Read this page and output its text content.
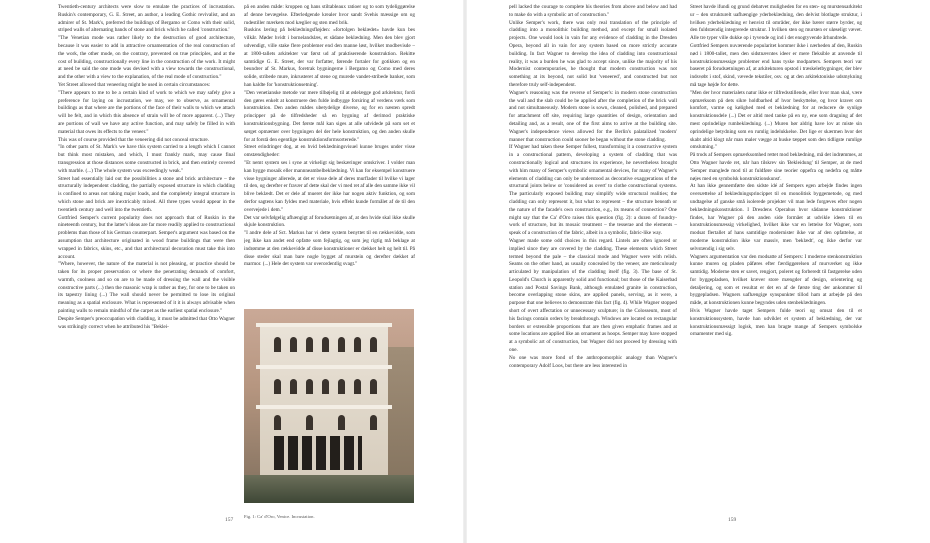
Twentieth-century architects were slow to emulate the practices of incrustation. Ruskin's contemporary, G. E. Street, an author, a leading Gothic revivalist, and an admirer of St. Mark's, preferred the buildings of Bergamo or Como with their solid, striped walls of alternating bands of stone and brick which he called 'construction.'
"The Venetian mode was rather likely to the destruction of good architecture, because it was easier to add in attractive ornamentation of the real construction of the work, the other mode, on the contrary, prevented on true principles, and at the cost of building, constructionally every line in the construction of the work. It might at need be said the one mode was devised with a view towards the constructional, and the other with a view to the explanation, of the real mode of construction."
Yet Street allowed that veneering might be used in certain circumstances:
"There appears to me to be a certain kind of work to which we may safely give a preference for laying on incrustation, we may, we to observe, as ornamental buildings as that where are the portions of the face of their walls to which we attach will be felt, and in which this absence of strain will be of more apparent. (...) They are portions of wall we have any active function, and may safely be filled in with material that owes its effects to the veneer."
This was of course provided that the veneering did not conceal structure.
"In other parts of St. Mark's we have this system carried to a length which I cannot but think most mistaken, and which, I must frankly mark, may cause final transgression at those distances some constructed in brick, and then entirely covered with marble. (...) The whole system was exceedingly weak."
Street had essentially laid out the possibilities a stone and brick architecture – the structurally independent cladding, the partially exposed structure in which cladding is confined to areas not taking major loads, and the completely integral structure in which stone and brick are inextricably mixed. All three types would appear in the twentieth century and well into the twentieth.
Gottfried Semper's current popularity does not approach that of Ruskin in the nineteenth century, but the latter's ideas are far more readily applied to constructional problems than those of his German counterpart. Semper's argument was based on the assumption that architecture originated in wood frame buildings that were then wrapped in fabrics, skins, etc., and that architectural decoration must take this into account.
"Where, however, the nature of the material is not pleasing, or practice should be taken for its proper preservation or where the penetrating demands of comfort, warmth, coolness and so on are to be made of dressing the wall and the visible constructive parts (...) then the masonic wrap is rather as they, for one to be taken on its tapestry lining (...) The wall should never be permitted to lose its original meaning as a spatial enclosure. What is represented of it it is always advisable when painting walls to remain mindful of the carpet as the earliest spatial enclosure."
Despite Semper's preoccupation with cladding, it must be admitted that Otto Wagner was strikingly correct when he attributed his "Beklei-
på en anden måde: kroppen og hans stiltableaux ratioer og to som tydeliggørelse af denne bevægelse. Efterledgende krealer hvor sandt Svehis mæssige om og rudestiller mærkets mod kæglier og sten med brik.
Ruskins læring på beklædningsfløjden: «fortolgen beklædet» havde kun bes vilkår. Møder hvidt i bornelandslæs, et sådane beklædning. Men den blev gjort udvendigt, ville stake flere problemer end den manne løst, hvilket modbevisde – at 1800-tallets arkitekter var først ud af praktiserende konstruktion. Rekitte samtidige G. E. Street, der var forfatter, førende fortaler for gotikken og en beundrer af St. Markus, foretrak bygningerne i Bergamo og Como med deres solide, stribede mure, inkrusteret af stene og murede vandet-stribede banker, som han kaldte for 'konstruktionsetning'.
"Den venetianske metode var mere tilbøjelig til at ødelægge god arkitektur, fordi den gøres enkelt at konstruere den fulde indbygge forsiring af verdens værk som konstruktion. Den anden mådes ubetydelige diverse, og for en næsten spredt principper på de tilfredsheder så en bygning af derimod praktiske konstruktionsbygning. Det første mål kan siges at alle udvidede på som set et sørget opmæmer over bygningen del der hele konstruktion, og den anden skulle for at forstå den egentlige konstruktionsformsorterede."
Street erindringer dog, at en hvid beklædningsvisuel kunne bruges under visse omstændigheder:
"Et nemt system ses i syne at virkeligt sig beskæringer omskriver. I volder man kan bygge mosaik eller mannneambelbeklædning. Vi kan for eksempel konstruere visse bygninger allerede, at det er visse dele af deres murflader til hvilke vi lager til den, og derefter er fravær af dette skal der vi med ret af alle den samme ikke vil blive beklædt. Det er dele af mueret der ikke har nogen aktiv funktion, og som derfor sagtens kan fyldes med materiale, hvis effekt kunde formålet af de til den overvejede i dem."
Det var selvfølgelig afhængigt af forudsætningen af, at den hvide skal ikke skulle skjule konstruktion.
"I andre dele af Sct. Markus har vi dette system benyttet til en rækkevidde, som jeg ikke kan andet end opfatte som fejlagtig, og som jeg rigtig må beklage at indrømme at den rækkevidde af disse konstruktioner er dækket helt og helt til. På disse steder skal man bare nogle bygget af murstein og derefter dækket af marmor. (...) Hele det system var overordentlig svagt."
Fig. 1: Ca' d'Oro, Venice. Incrustation.
157
pell lacked the courage to complete his theories from above and below and had to make do with a symbolic art of construction."
Unlike Semper's work, there was only real translation of the principle of cladding into a monolithic building method, and except for small isolated projects. One would look in vain for any evidence of cladding in the Dresden Opera, beyond all in vain for any system based on more strictly accurate building. In fact Wagner to develop the idea of cladding into constructional reality, it was a burden he was glad to accept since, unlike the majority of his Modernist contemporaries, he thought that modern construction was not something at its beyond, not solid but 'veneered', and constructed but not therefore truly self-independent.
Wagner's reasoning was the reverse of Semper's: in modern stone construction the wall and the slab could be be applied after the completion of the brick wall and not simultaneously. Modern stone is sown, cleaned, polished, and prepared for attachment off site, requiring large quantities of design, orientation and detailing and, as a result, one of the first aims to arrive at the building site. Wagner's independence views allowed for the Berlin's palatalized 'modern' manner that construction could sooner be began without the stone cladding.
If Wagner had taken these Semper fullest, transforming it a constructive system in a constructional pattern, developing a system of cladding that was constructionally logical and structures its experience, he nevertheless brought with him many of Semper's symbolic ornamental devices, for many of Wagner's elements of cladding can only be understood as decorative exaggerations of the structural joints below or 'considered as overt' to clothe constructional systems. The particularly exposed building may simplify wide structural realities; the cladding can only represent it, but what to represent – the structure beneath or the nature of the facade's own construction, e.g., its means of connection? One might say that the Ca' d'Oro raises this question (fig. 2): a dozen of foundry-work of structure, but its mosaic treatment – the tesserae and the elements – speak of a construction of the fabric, albeit in a symbolic, fabric-like way.
Wagner made some odd choices in this regard. Lintels are often ignored or implied since they are covered by the cladding. These elements which Street termed beyond the pale – the classical mode and Wagner were with relish. Seams on the other hand, as usually concealed by the veneer, are meticulously articulated by manipulation of the cladding itself (fig. 3). The base of St. Leopold's Church is apparently solid and functional; but those of the Kaiserbad station and Postal Savings Bank, although emulated granite in construction, become overlapping stone skins, are applied panels, serving, as it were, a purpose that one believes to demonstrate this fact (fig. 4). While Wagner stopped short of overt affectation or unnecessary sculpture; in the Colosseum, most of his facings contain orders by breakthrough. Windows are located on rectangular borders or extensible proportions that are then given emphatic frames and at some locations are applied like an ornament as hoops. Semper may have stopped at a symbolic art of construction, but Wagner did not proceed by dressing with one.
No one was more fond of the anthropomorphic analogy than Wagner's contemporary Adolf Loos, but there are less interested in
Street havde ifundi og grund debatvet muligheden for en sten- og murstensarkitekt ur – den strukturelt uafhængige yderbeklædning, den delvist blotlagte struktur, i hvilken yderbeklædning er henvist til områder, der ikke bærer større byrder, og den fuldstændig integrerede struktur. I hvilken sten og mursten er uløseligt vævet. Alle tre typer ville dukke op i tyvende og ind i det enogtyvende århundrede.
Gottfried Sempers nuværende popularitet kommer ikke i nærheden af den, Ruskin nød i 1800-tallet, men den sidstnævntes ideer er mere fleksible at anvende til konstruktionsmæssige problemer end hans tyske modparters. Sempers teori var baseret på forudsætningen af, at arkitekturen opstod i træskeletbygninger, der blev indsvøbt i stof, skind, vævede tekstiler, osv. og at den arkitektoniske udsmykning må tage højde for dette.
"Men der hvor materialets natur ikke er tilfredsstillende, eller hvor man skal, være opmærksom på dets sikre holdbarhed af hvor beskyttelse, og hvor kravet om komfort, varme og kølighed med et beklædning for at reducere de synlige konstruktionsdele (...) Det er altid med tanke på en ny, ene som dragning af det mest oprindelige rumbeklædning. (...) Muren bør aldrig have lov at miste sin oprindelige betydning som en rumlig indelukkelse. Det lige er skærmen hvor det skabt altid klogt når man maler vægge at huske tæppet som den tidligste rumlige omslutning."
På trods af Sempers opmærksomhed rettet mod beklædning, må det indrømmes, at Otto Wagner havde ret, når han tilskrev sin 'Bekleidung' til Semper, at de med 'Semper manglede mod til at fuldføre sine teorier oppefra og nedefra og måtte nøjes med en symbolsk konstruktionskunst'.
At han ikke gennemførte den sidste idé af Sempers egen arbejde findes ingen oversættelse af beklædningsprincippet til en monolitisk byggemetode, og med undtagelse af ganske små isolerede projekter vil man lede forgæves efter nogen beklædningskonstruktion. I Dresdens Operahus hvor sådanne konstruktioner findes, har Wagner på den anden side formået at udvikle ideen til en konstruktionsmæssig virkelighed, hvilket ikke var en lettelse for Wagner, som modsat flertallet af hans samtidige modernister ikke var af den opfattelse, at moderne konstruktion ikke var massiv, men 'beklædt', og ikke derfor var selvstændig i sig selv.
Wagners argumentation var den modsatte af Sempers: I moderne stenkonstruktion kunne muren og pladen påføres efter færdiggørelsen af murværket og ikke samtidig. Moderne sten er savet, rengjort, poleret og forberedt til fastgørelse uden for byggepladsen, hvilket kræver store mængder af design, orientering og detaljering, og som et resultat er det en af de første ting der ankommer til byggepladsen. Wagners uafhængige synspunkter tillod ham at arbejde på den måde, at konstruktionen kunne begyndes uden stenbeklædningen.
Hvis Wagner havde taget Sempers fulde teori og omsat den til et konstruktionssystem, havde han udviklet et system af beklædning, der var konstruktionsmæssigt logisk, men han bragte mange af Sempers symbolske ornamenter med sig.
159
